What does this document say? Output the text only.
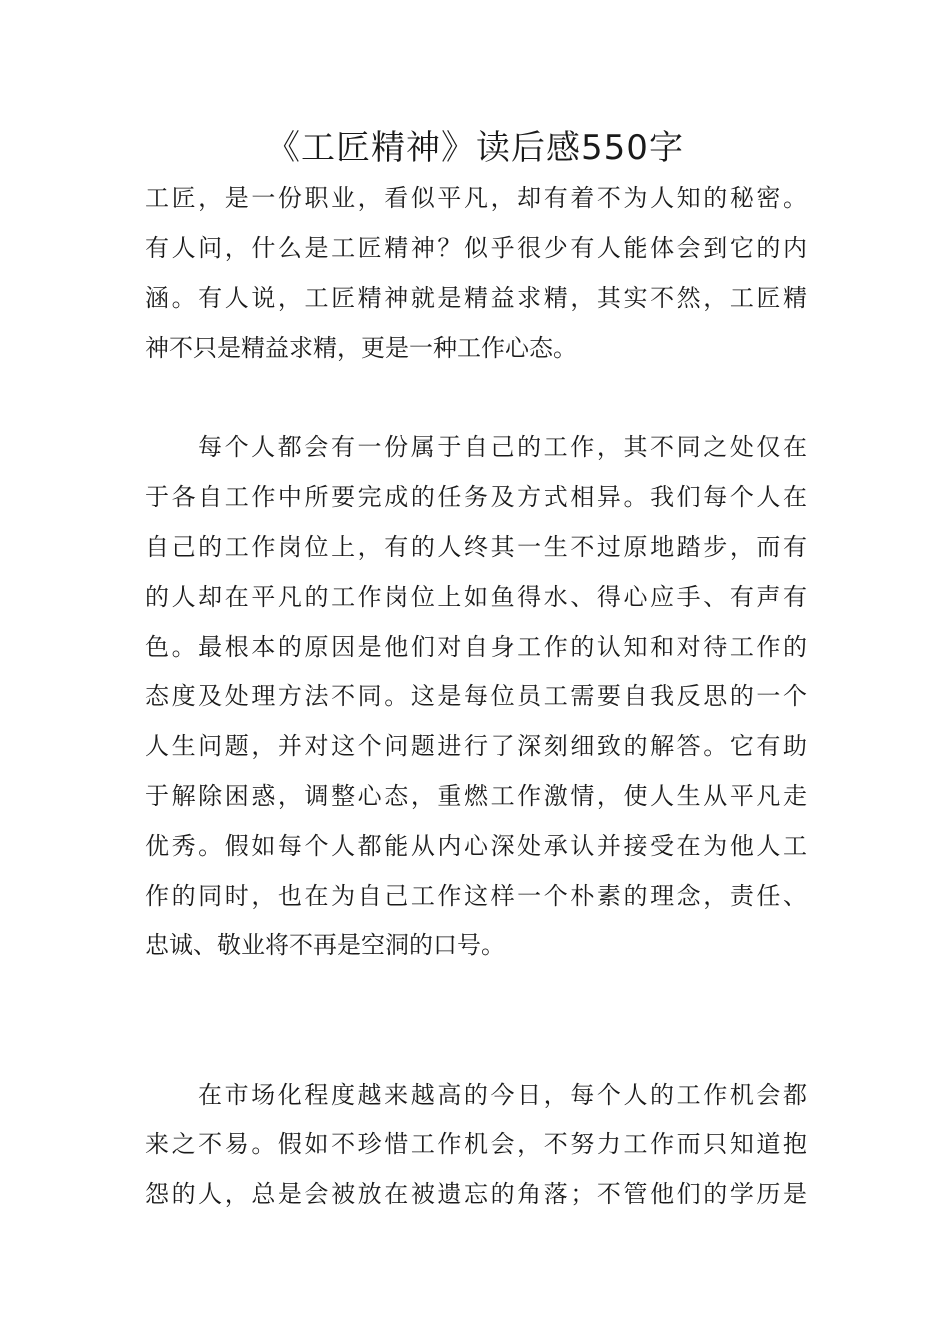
《工匠精神》读后感550字

工匠，是一份职业，看似平凡，却有着不为人知的秘密。

有人问，什么是工匠精神？似乎很少有人能体会到它的内

涵。有人说，工匠精神就是精益求精，其实不然，工匠精

神不只是精益求精，更是一种工作心态。

每个人都会有一份属于自己的工作，其不同之处仅在

于各自工作中所要完成的任务及方式相异。我们每个人在

自己的工作岗位上，有的人终其一生不过原地踏步，而有

的人却在平凡的工作岗位上如鱼得水、得心应手、有声有

色。最根本的原因是他们对自身工作的认知和对待工作的

态度及处理方法不同。这是每位员工需要自我反思的一个

人生问题，并对这个问题进行了深刻细致的解答。它有助

于解除困惑，调整心态，重燃工作激情，使人生从平凡走

优秀。假如每个人都能从内心深处承认并接受在为他人工

作的同时，也在为自己工作这样一个朴素的理念，责任、

忠诚、敬业将不再是空洞的口号。

在市场化程度越来越高的今日，每个人的工作机会都

来之不易。假如不珍惜工作机会，不努力工作而只知道抱

怨的人，总是会被放在被遗忘的角落；不管他们的学历是
